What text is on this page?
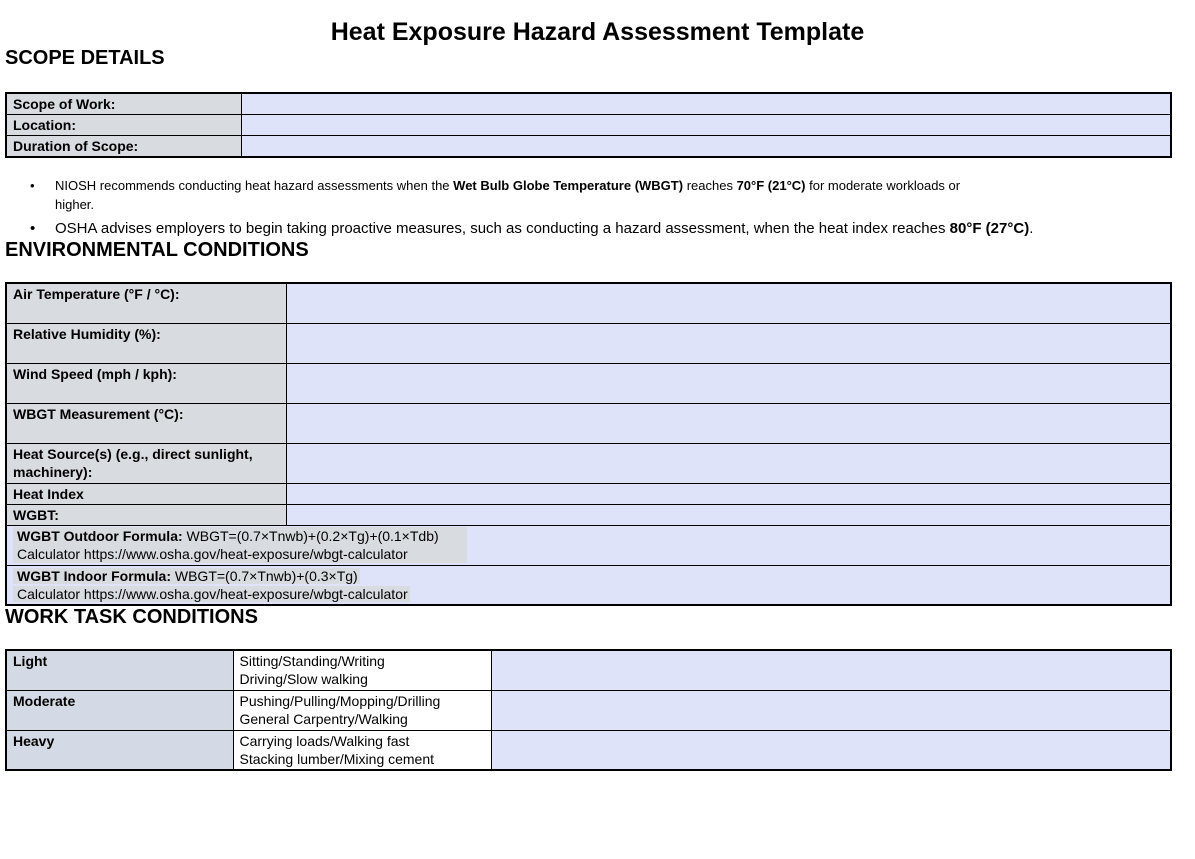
Heat Exposure Hazard Assessment Template
SCOPE DETAILS
Scope of Work:	
Location:	
Duration of Scope:	
•	NIOSH recommends conducting heat hazard assessments when the Wet Bulb Globe Temperature (WBGT) reaches 70°F (21°C) for moderate workloads or
higher.
•	OSHA advises employers to begin taking proactive measures, such as conducting a hazard assessment, when the heat index reaches 80°F (27°C).
ENVIRONMENTAL CONDITIONS
Air Temperature (°F / °C):	
Relative Humidity (%):	
Wind Speed (mph / kph):	
WBGT Measurement (°C):	
Heat Source(s) (e.g., direct sunlight, machinery):	
Heat Index	
WGBT:	

WGBT Outdoor Formula: WBGT=(0.7×Tnwb)+(0.2×Tg)+(0.1×Tdb)
Calculator https://www.osha.gov/heat-exposure/wbgt-calculator	

WGBT Indoor Formula: WBGT=(0.7×Tnwb)+(0.3×Tg)
Calculator https://www.osha.gov/heat-exposure/wbgt-calculator	
WORK TASK CONDITIONS
Light	Sitting/Standing/Writing
Driving/Slow walking	

Moderate	Pushing/Pulling/Mopping/Drilling
General Carpentry/Walking	

Heavy	Carrying loads/Walking fast
Stacking lumber/Mixing cement	
